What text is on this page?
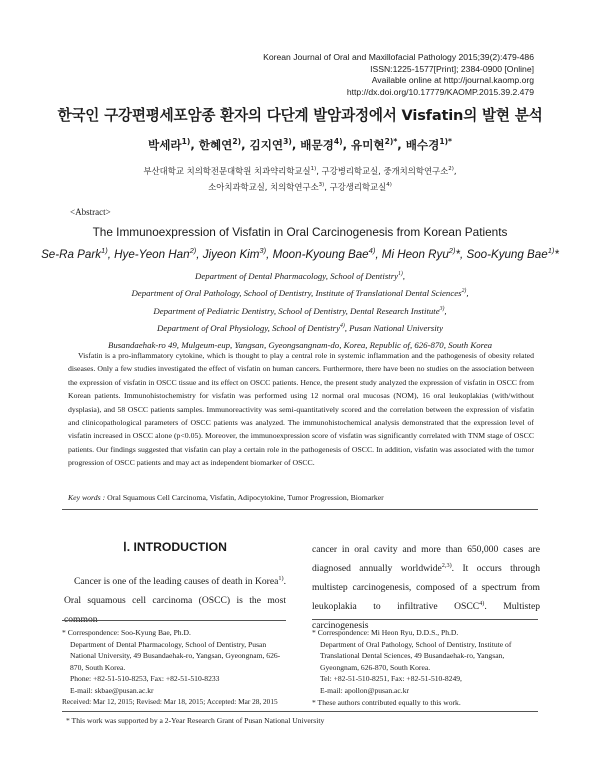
Korean Journal of Oral and Maxillofacial Pathology 2015;39(2):479-486
ISSN:1225-1577[Print]; 2384-0900 [Online]
Available online at http://journal.kaomp.org
http://dx.doi.org/10.17779/KAOMP.2015.39.2.479
한국인 구강편평세포암종 환자의 다단계 발암과정에서 Visfatin의 발현 분석
박세라$^{1)}$, 한혜연$^{2)}$, 김지연$^{3)}$, 배문경$^{4)}$, 유미현$^{2)*}$, 배수경$^{1)*}$
부산대학교 치의학전문대학원 치과약리학교실$^{1)}$, 구강병리학교실, 중개치의학연구소$^{2)}$,
소아치과학교실, 치의학연구소$^{3)}$, 구강생리학교실$^{4)}$
<Abstract>
The Immunoexpression of Visfatin in Oral Carcinogenesis from Korean Patients
Se-Ra Park$^{1)}$, Hye-Yeon Han$^{2)}$, Jiyeon Kim$^{3)}$, Moon-Kyoung Bae$^{4)}$, Mi Heon Ryu$^{2)}$*, Soo-Kyung Bae$^{1)}$*
Department of Dental Pharmacology, School of Dentistry$^{1)}$,
Department of Oral Pathology, School of Dentistry, Institute of Translational Dental Sciences$^{2)}$,
Department of Pediatric Dentistry, School of Dentistry, Dental Research Institute$^{3)}$,
Department of Oral Physiology, School of Dentistry$^{4)}$, Pusan National University
Busandaehak-ro 49, Mulgeum-eup, Yangsan, Gyeongsangnam-do, Korea, Republic of, 626-870, South Korea

Visfatin is a pro-inflammatory cytokine, which is thought to play a central role in systemic inflammation and the pathogenesis of obesity related diseases. Only a few studies investigated the effect of visfatin on human cancers. Furthermore, there have been no studies on the association between the expression of visfatin in OSCC tissue and its effect on OSCC patients. Hence, the present study analyzed the expression of visfatin in OSCC from Korean patients. Immunohistochemistry for visfatin was performed using 12 normal oral mucosas (NOM), 16 oral leukoplakias (with/without dysplasia), and 58 OSCC patients samples. Immunoreactivity was semi-quantitatively scored and the correlation between the expression of visfatin and clinicopathological parameters of OSCC patients was analyzed. The immunohistochemical analysis demonstrated that the expression level of visfatin increased in OSCC alone (p<0.05). Moreover, the immunoexpression score of visfatin was significantly correlated with TNM stage of OSCC patients. Our findings suggested that visfatin can play a certain role in the pathogenesis of OSCC. In addition, visfatin was associated with the tumor progression of OSCC patients and may act as independent biomarker of OSCC.

Key words : Oral Squamous Cell Carcinoma, Visfatin, Adipocytokine, Tumor Progression, Biomarker
Ⅰ. INTRODUCTION

Cancer is one of the leading causes of death in Korea$^{1)}$. Oral squamous cell carcinoma (OSCC) is the most common

cancer in oral cavity and more than 650,000 cases are diagnosed annually worldwide$^{2,3)}$. It occurs through multistep carcinogenesis, composed of a spectrum from leukoplakia to infiltrative OSCC$^{4)}$. Multistep carcinogenesis

* Correspondence: Soo-Kyung Bae, Ph.D.
Department of Dental Pharmacology, School of Dentistry, Pusan National University, 49 Busandaehak-ro, Yangsan, Gyeongnam, 626-870, South Korea.
Phone: +82-51-510-8253, Fax: +82-51-510-8233
E-mail: skbae@pusan.ac.kr
* Correspondence: Mi Heon Ryu, D.D.S., Ph.D.
Department of Oral Pathology, School of Dentistry, Institute of Translational Dental Sciences, 49 Busandaehak-ro, Yangsan, Gyeongnam, 626-870, South Korea.
Tel: +82-51-510-8251, Fax: +82-51-510-8249,
E-mail: apollon@pusan.ac.kr
* These authors contributed equally to this work.
Received: Mar 12, 2015; Revised: Mar 18, 2015; Accepted: Mar 28, 2015
* This work was supported by a 2-Year Research Grant of Pusan National University
